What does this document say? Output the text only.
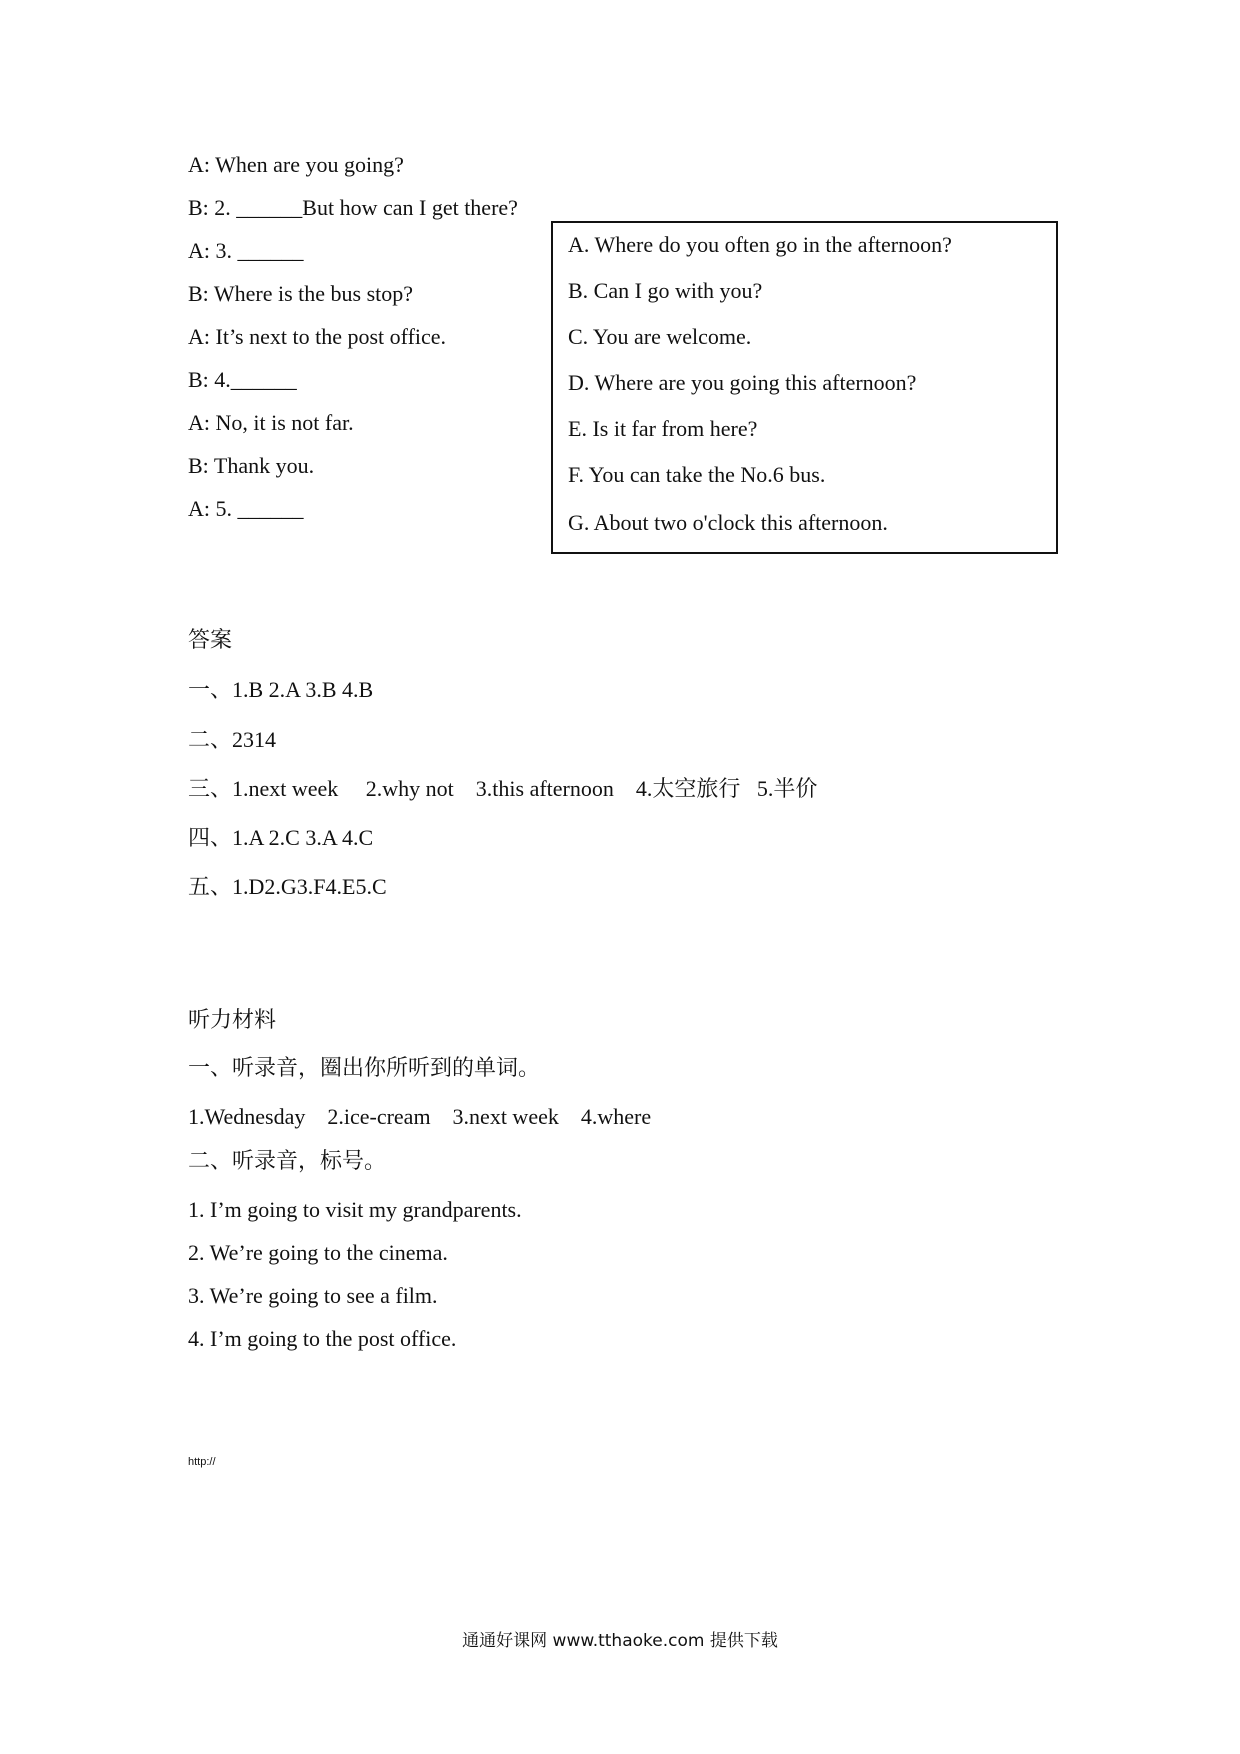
A: When are you going?
B: 2. ______But how can I get there?
A: 3. ______
B: Where is the bus stop?
A: It’s next to the post office.
B: 4.______
A: No, it is not far.
B: Thank you.
A: 5. ______
A. Where do you often go in the afternoon?
B. Can I go with you?
C. You are welcome.
D. Where are you going this afternoon?
E. Is it far from here?
F. You can take the No.6 bus.
G. About two o'clock this afternoon.
答案
一、1.B 2.A 3.B 4.B
二、2314
三、1.next week     2.why not    3.this afternoon    4.太空旅行   5.半价
四、1.A 2.C 3.A 4.C
五、1.D2.G3.F4.E5.C
听力材料
一、听录音，圈出你所听到的单词。
1.Wednesday    2.ice-cream    3.next week    4.where
二、听录音，标号。
1. I’m going to visit my grandparents.
2. We’re going to the cinema.
3. We’re going to see a film.
4. I’m going to the post office.
http://
通通好课网 www.tthaoke.com 提供下载
